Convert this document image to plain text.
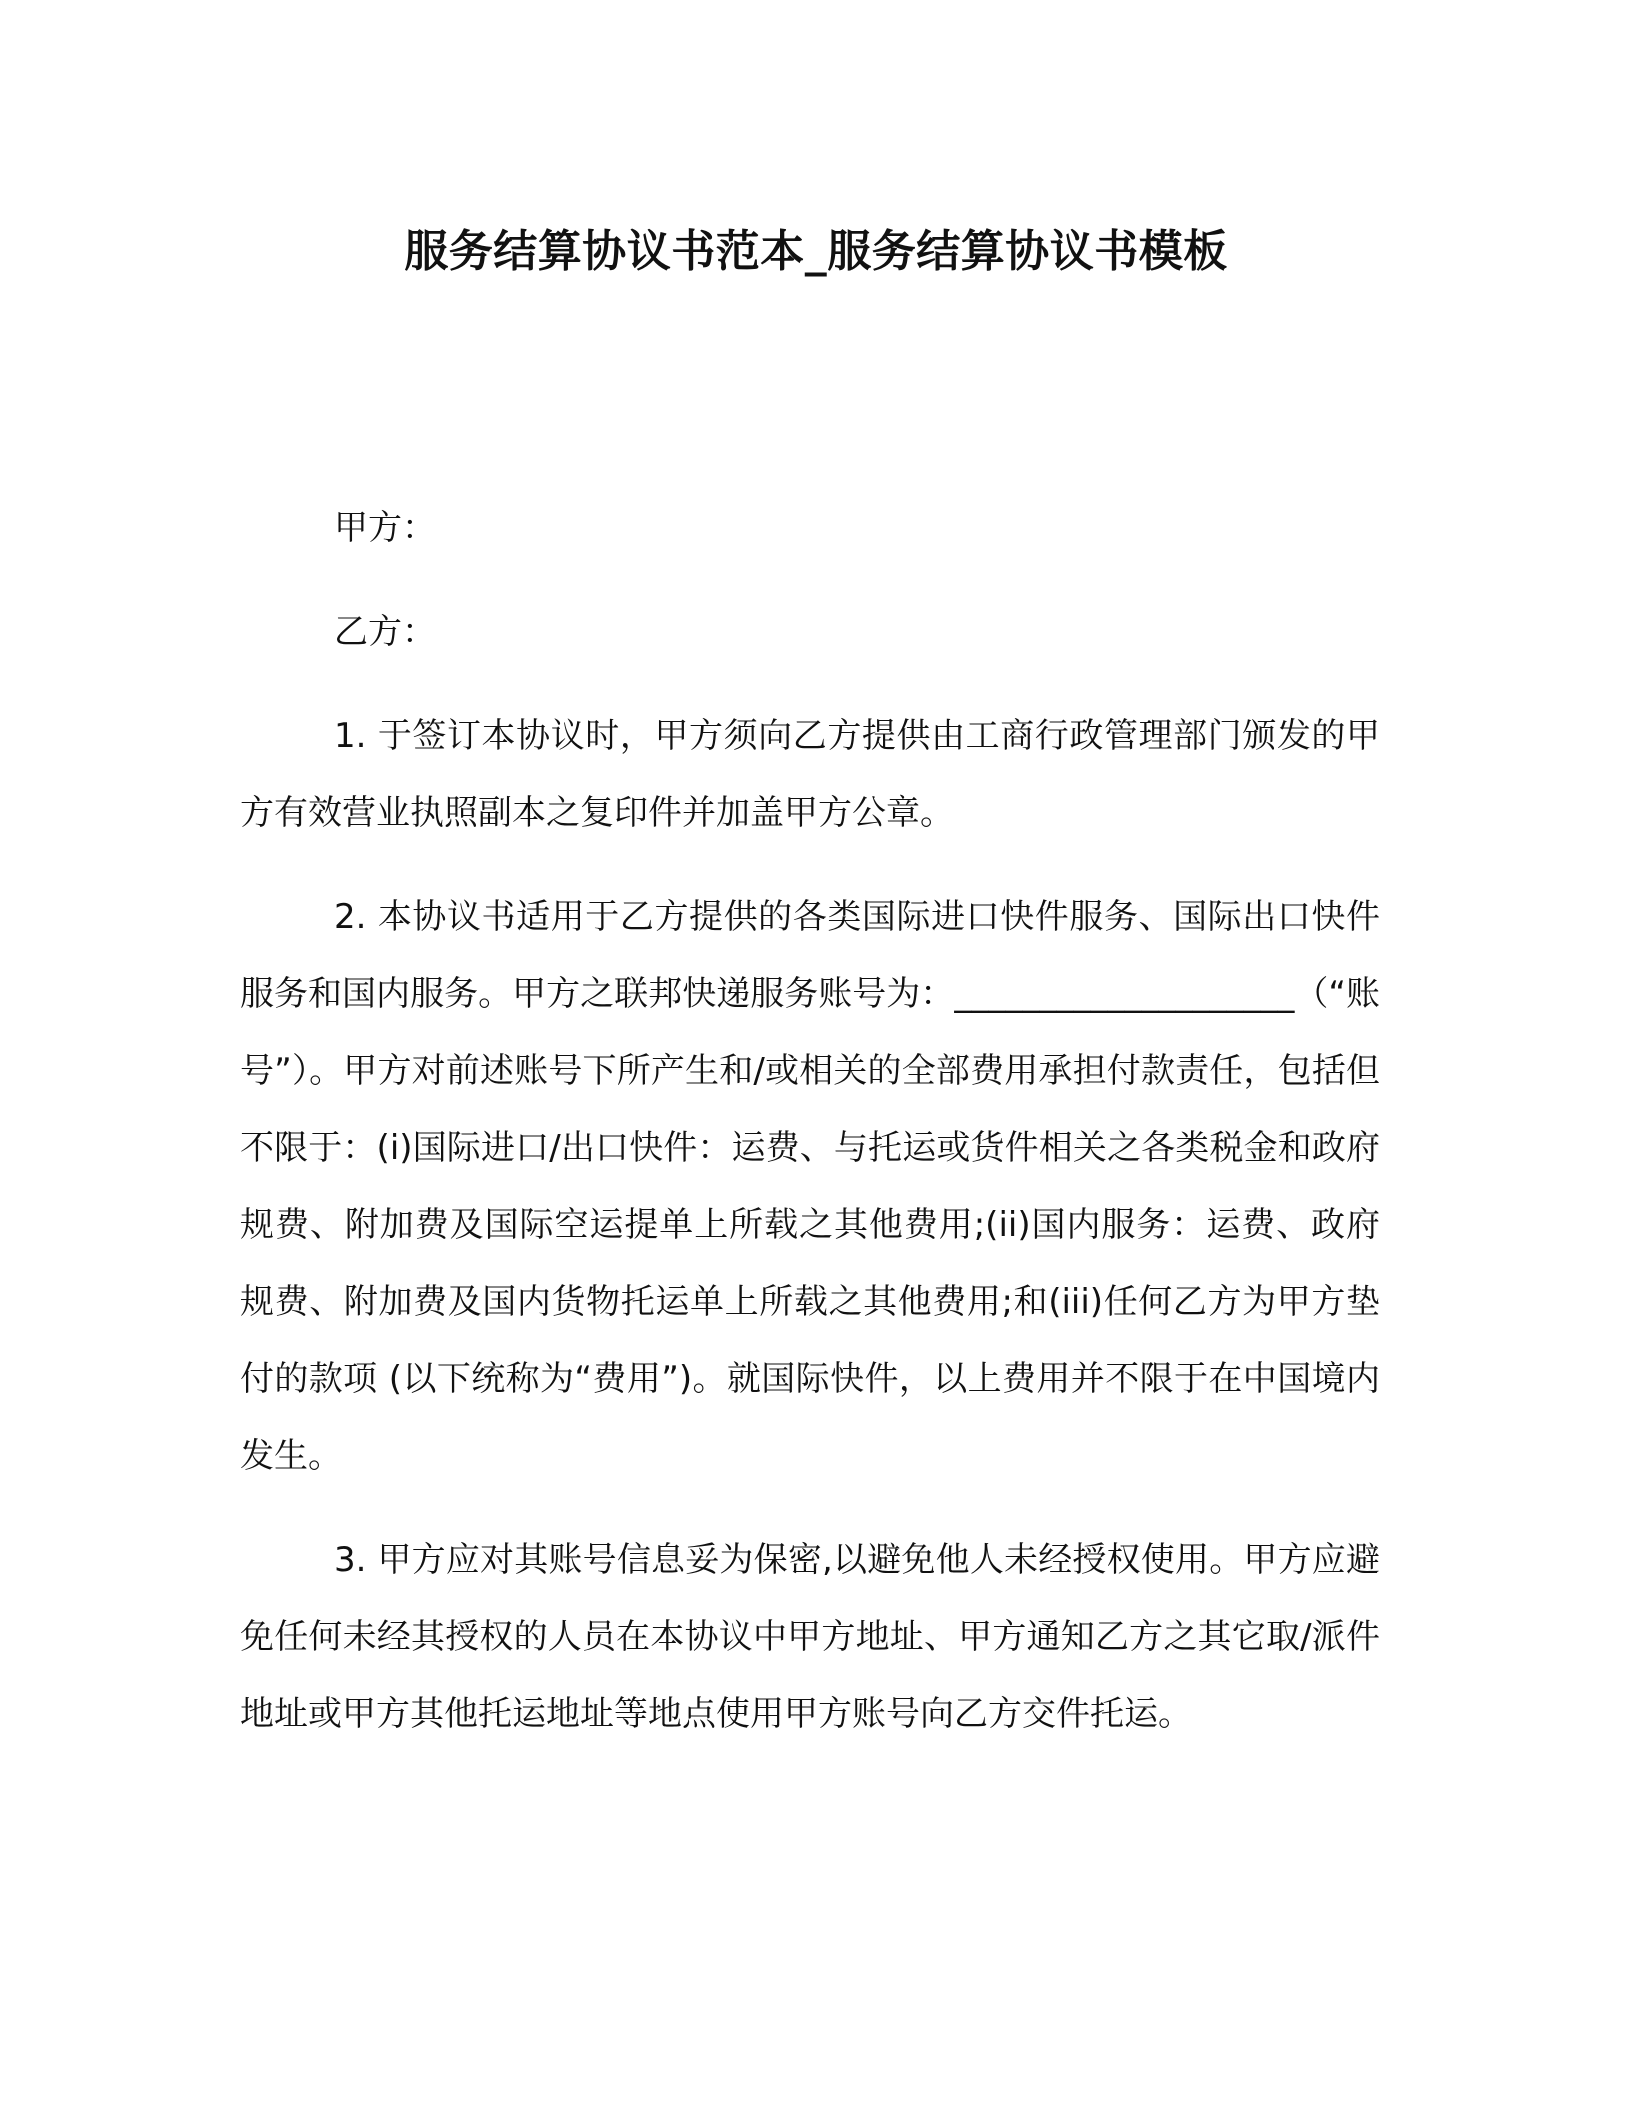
服务结算协议书范本_服务结算协议书模板

甲方：

乙方：

1. 于签订本协议时，甲方须向乙方提供由工商行政管理部门颁发的甲方有效营业执照副本之复印件并加盖甲方公章。

2. 本协议书适用于乙方提供的各类国际进口快件服务、国际出口快件服务和国内服务。甲方之联邦快递服务账号为：____________________（“账号”）。甲方对前述账号下所产生和/或相关的全部费用承担付款责任，包括但不限于：(i)国际进口/出口快件：运费、与托运或货件相关之各类税金和政府规费、附加费及国际空运提单上所载之其他费用;(ii)国内服务：运费、政府规费、附加费及国内货物托运单上所载之其他费用;和(iii)任何乙方为甲方垫付的款项 (以下统称为“费用”)。就国际快件，以上费用并不限于在中国境内发生。

3. 甲方应对其账号信息妥为保密,以避免他人未经授权使用。甲方应避免任何未经其授权的人员在本协议中甲方地址、甲方通知乙方之其它取/派件地址或甲方其他托运地址等地点使用甲方账号向乙方交件托运。
